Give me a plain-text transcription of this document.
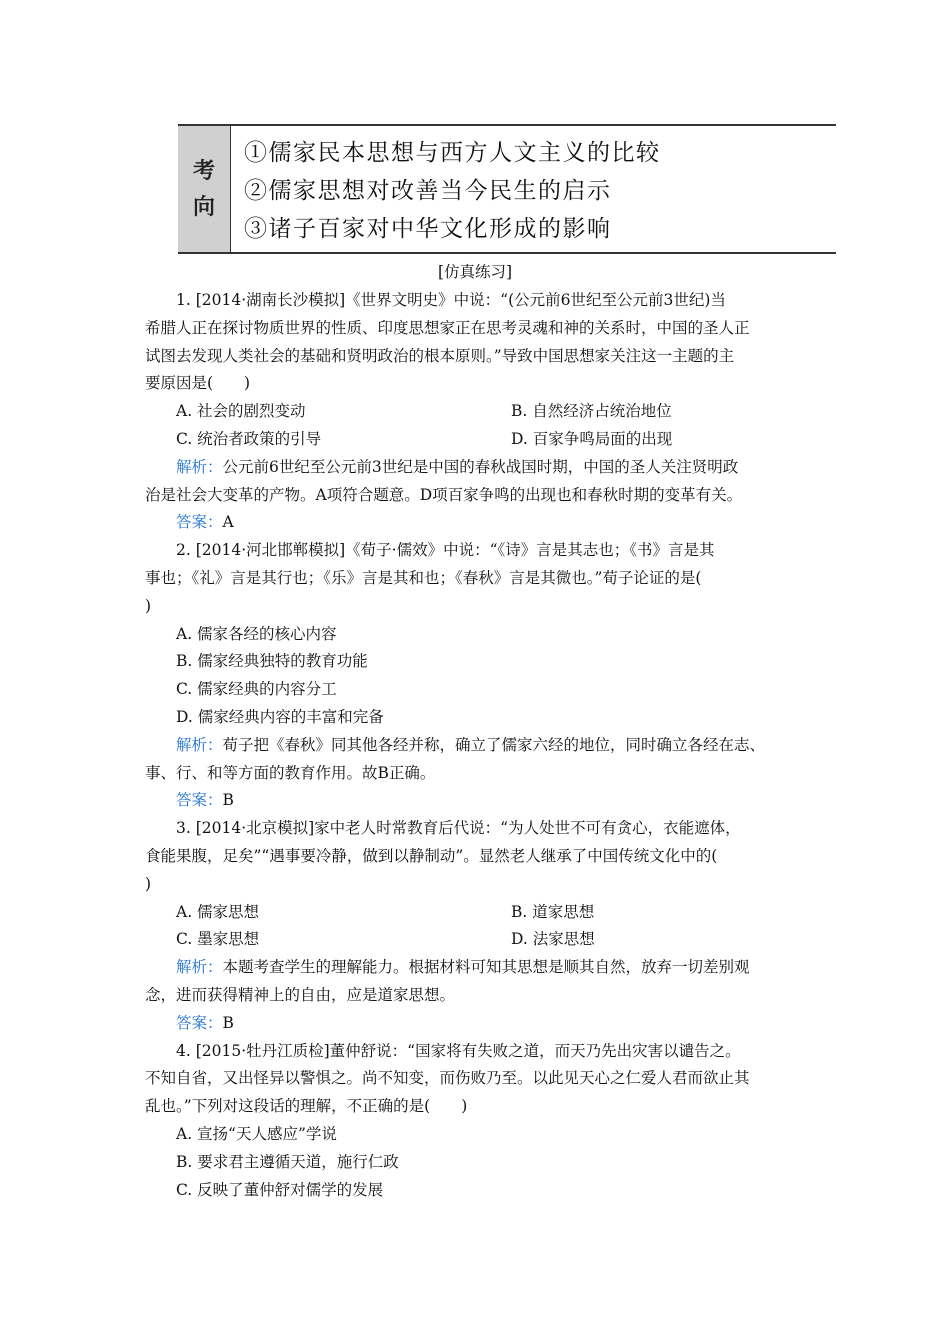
考
向
①儒家民本思想与西方人文主义的比较
②儒家思想对改善当今民生的启示
③诸子百家对中华文化形成的影响
[仿真练习]

1. [2014·湖南长沙模拟]《世界文明史》中说：“(公元前6世纪至公元前3世纪)当

希腊人正在探讨物质世界的性质、印度思想家正在思考灵魂和神的关系时，中国的圣人正

试图去发现人类社会的基础和贤明政治的根本原则。”导致中国思想家关注这一主题的主

要原因是(　　)

A. 社会的剧烈变动	B. 自然经济占统治地位
C. 统治者政策的引导	D. 百家争鸣局面的出现

解析：公元前6世纪至公元前3世纪是中国的春秋战国时期，中国的圣人关注贤明政

治是社会大变革的产物。A项符合题意。D项百家争鸣的出现也和春秋时期的变革有关。

答案：A

2. [2014·河北邯郸模拟]《荀子·儒效》中说：“《诗》言是其志也；《书》言是其

事也；《礼》言是其行也；《乐》言是其和也；《春秋》言是其微也。”荀子论证的是(

)

A. 儒家各经的核心内容

B. 儒家经典独特的教育功能

C. 儒家经典的内容分工

D. 儒家经典内容的丰富和完备

解析：荀子把《春秋》同其他各经并称，确立了儒家六经的地位，同时确立各经在志、

事、行、和等方面的教育作用。故B正确。

答案：B

3. [2014·北京模拟]家中老人时常教育后代说：“为人处世不可有贪心，衣能遮体，

食能果腹，足矣”“遇事要冷静，做到以静制动”。显然老人继承了中国传统文化中的(

)

A. 儒家思想	B. 道家思想
C. 墨家思想	D. 法家思想

解析：本题考查学生的理解能力。根据材料可知其思想是顺其自然，放弃一切差别观

念，进而获得精神上的自由，应是道家思想。

答案：B

4. [2015·牡丹江质检]董仲舒说：“国家将有失败之道，而天乃先出灾害以谴告之。

不知自省，又出怪异以警惧之。尚不知变，而伤败乃至。以此见天心之仁爱人君而欲止其

乱也。”下列对这段话的理解，不正确的是(　　)

A. 宣扬“天人感应”学说

B. 要求君主遵循天道，施行仁政

C. 反映了董仲舒对儒学的发展
